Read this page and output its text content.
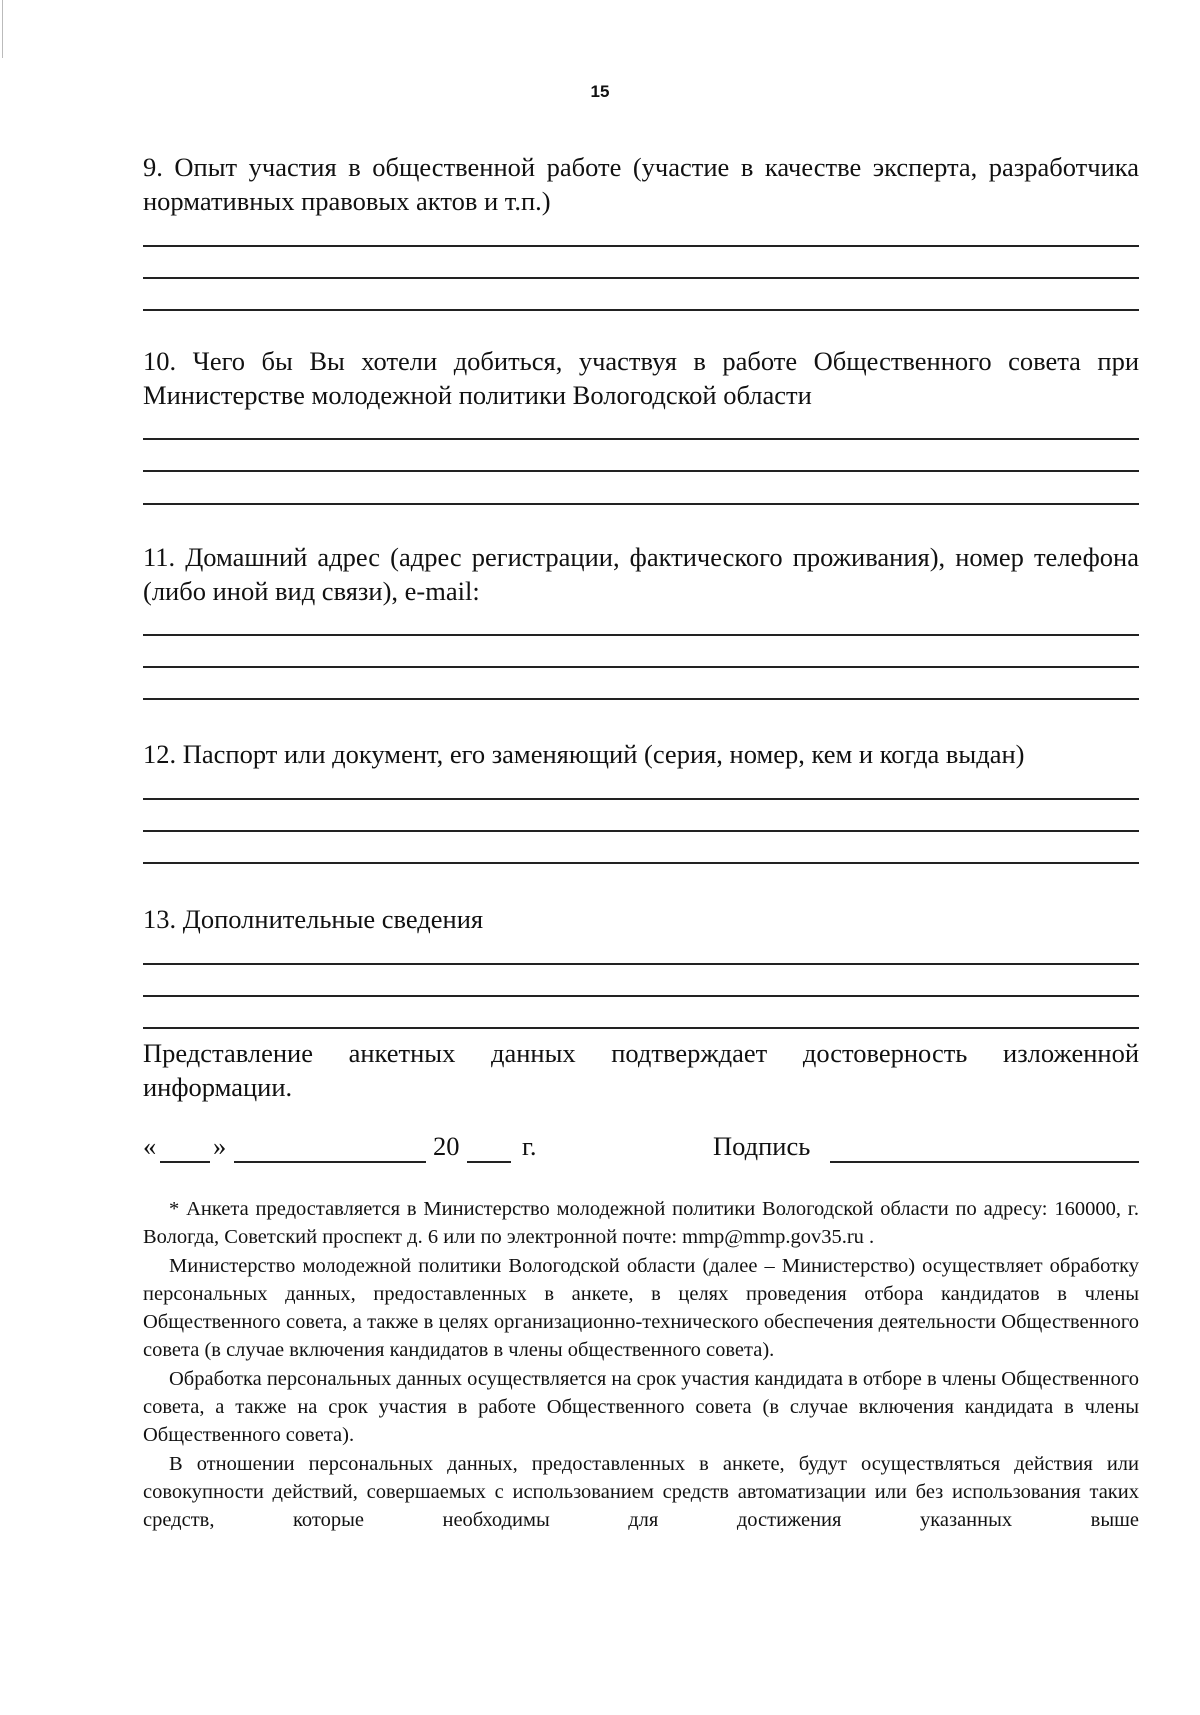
15
9. Опыт участия в общественной работе (участие в качестве эксперта, разработчика нормативных правовых актов и т.п.)
10. Чего бы Вы хотели добиться, участвуя в работе Общественного совета при Министерстве молодежной политики Вологодской области
11. Домашний адрес (адрес регистрации, фактического проживания), номер телефона (либо иной вид связи), e-mail:
12. Паспорт или документ, его заменяющий (серия, номер, кем и когда выдан)
13. Дополнительные сведения
Представление анкетных данных подтверждает достоверность изложенной информации.
« »	20 г.	Подпись

* Анкета предоставляется в Министерство молодежной политики Вологодской области по адресу: 160000, г. Вологда, Советский проспект д. 6 или по электронной почте: mmp@mmp.gov35.ru .

Министерство молодежной политики Вологодской области (далее – Министерство) осуществляет обработку персональных данных, предоставленных в анкете, в целях проведения отбора кандидатов в члены Общественного совета, а также в целях организационно-технического обеспечения деятельности Общественного совета (в случае включения кандидатов в члены общественного совета).

Обработка персональных данных осуществляется на срок участия кандидата в отборе в члены Общественного совета, а также на срок участия в работе Общественного совета (в случае включения кандидата в члены Общественного совета).

В отношении персональных данных, предоставленных в анкете, будут осуществляться действия или совокупности действий, совершаемых с использованием средств автоматизации или без использования таких средств, которые необходимы для достижения указанных выше
